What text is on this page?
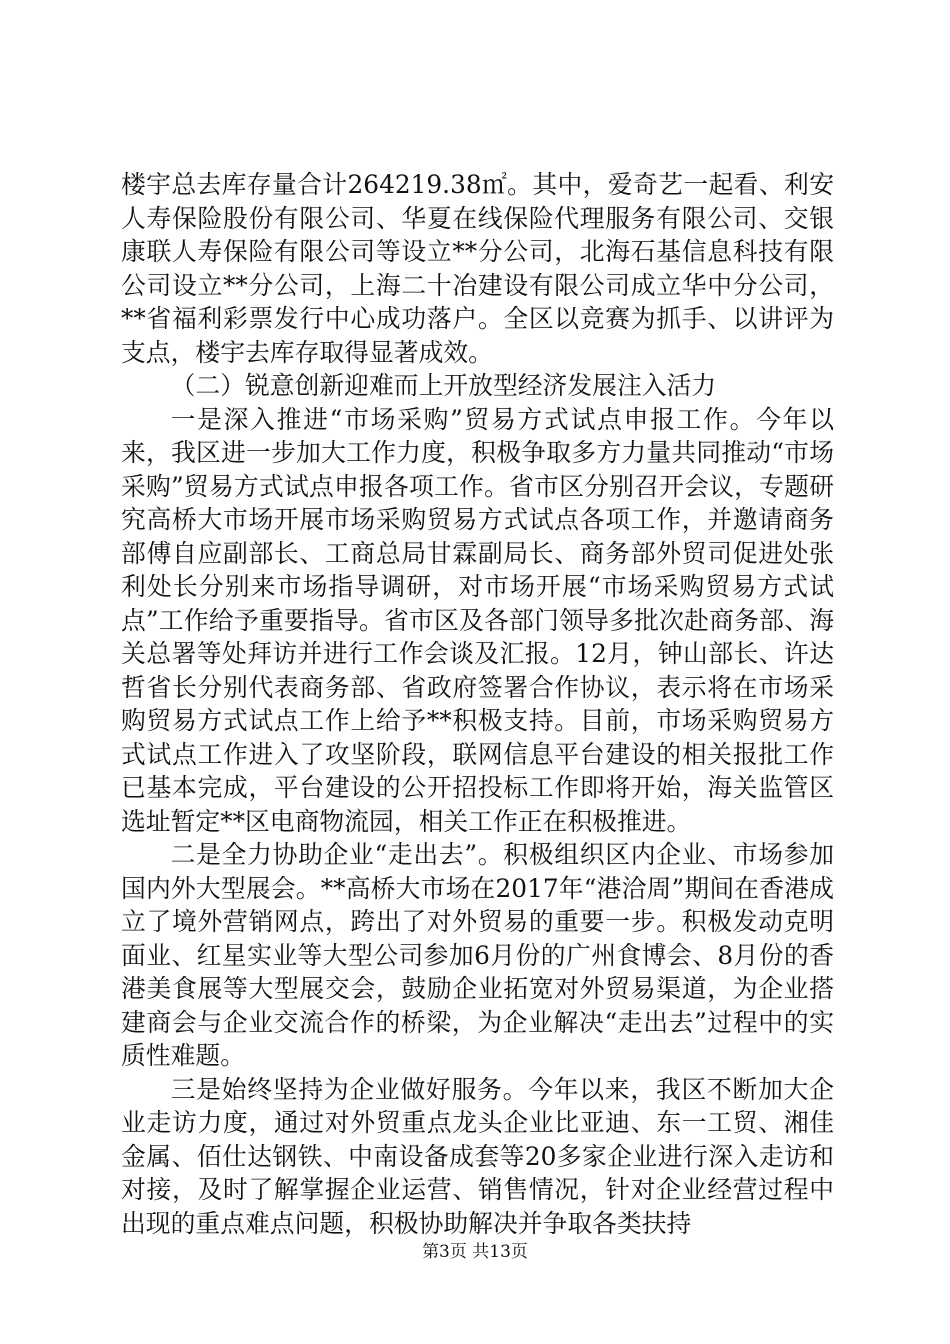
楼宇总去库存量合计264219.38㎡。其中，爱奇艺一起看、利安人寿保险股份有限公司、华夏在线保险代理服务有限公司、交银康联人寿保险有限公司等设立**分公司，北海石基信息科技有限公司设立**分公司，上海二十冶建设有限公司成立华中分公司，**省福利彩票发行中心成功落户。全区以竞赛为抓手、以讲评为支点，楼宇去库存取得显著成效。

（二）锐意创新迎难而上开放型经济发展注入活力

一是深入推进“市场采购”贸易方式试点申报工作。今年以来，我区进一步加大工作力度，积极争取多方力量共同推动“市场采购”贸易方式试点申报各项工作。省市区分别召开会议，专题研究高桥大市场开展市场采购贸易方式试点各项工作，并邀请商务部傅自应副部长、工商总局甘霖副局长、商务部外贸司促进处张利处长分别来市场指导调研，对市场开展“市场采购贸易方式试点”工作给予重要指导。省市区及各部门领导多批次赴商务部、海关总署等处拜访并进行工作会谈及汇报。12月，钟山部长、许达哲省长分别代表商务部、省政府签署合作协议，表示将在市场采购贸易方式试点工作上给予**积极支持。目前，市场采购贸易方式试点工作进入了攻坚阶段，联网信息平台建设的相关报批工作已基本完成，平台建设的公开招投标工作即将开始，海关监管区选址暂定**区电商物流园，相关工作正在积极推进。

二是全力协助企业“走出去”。积极组织区内企业、市场参加国内外大型展会。**高桥大市场在2017年“港洽周”期间在香港成立了境外营销网点，跨出了对外贸易的重要一步。积极发动克明面业、红星实业等大型公司参加6月份的广州食博会、8月份的香港美食展等大型展交会，鼓励企业拓宽对外贸易渠道，为企业搭建商会与企业交流合作的桥梁，为企业解决“走出去”过程中的实质性难题。

三是始终坚持为企业做好服务。今年以来，我区不断加大企业走访力度，通过对外贸重点龙头企业比亚迪、东一工贸、湘佳金属、佰仕达钢铁、中南设备成套等20多家企业进行深入走访和对接，及时了解掌握企业运营、销售情况，针对企业经营过程中出现的重点难点问题，积极协助解决并争取各类扶持

第3页 共13页
